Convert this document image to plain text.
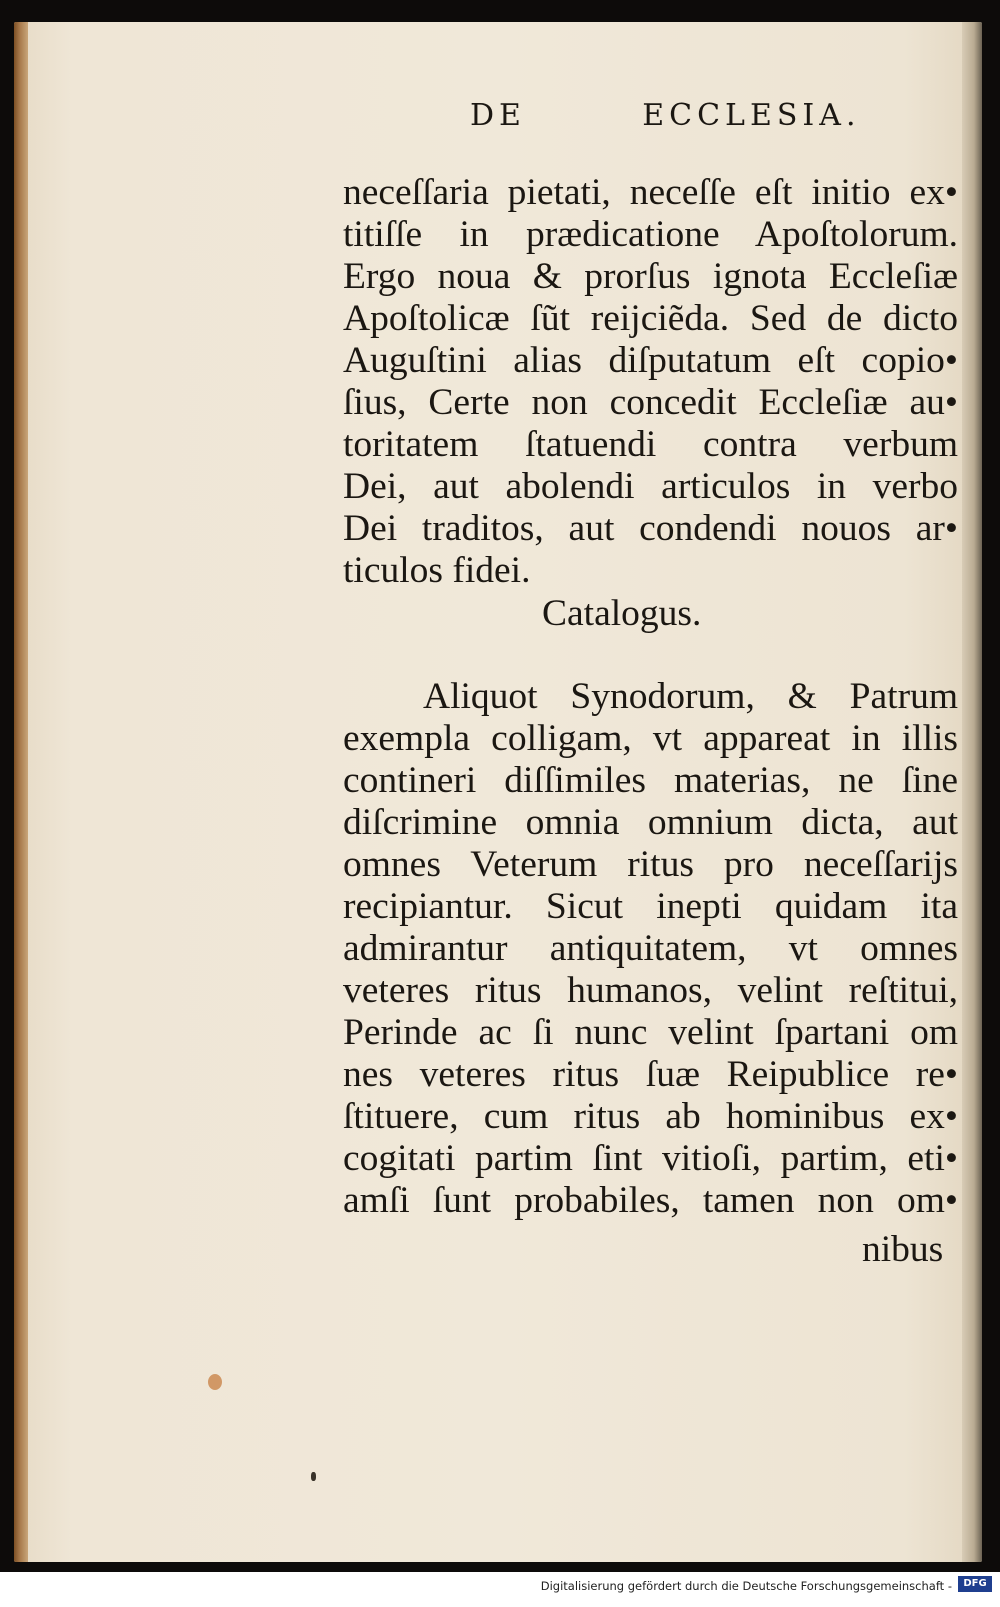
DE        ECCLESIA.
neceſſaria pietati, neceſſe eſt initio ex•
titiſſe in prædicatione Apoſtolorum.
Ergo noua & prorſus ignota Eccleſiæ
Apoſtolicæ ſũt reijciẽda. Sed de dicto
Auguſtini alias diſputatum eſt copio•
ſius, Certe non concedit Eccleſiæ au•
toritatem ſtatuendi contra verbum
Dei, aut abolendi articulos in verbo
Dei traditos, aut condendi nouos ar•
ticulos fidei.
Catalogus.
Aliquot Synodorum, & Patrum
exempla colligam, vt appareat in illis
contineri diſſimiles materias, ne ſine
diſcrimine omnia omnium dicta, aut
omnes Veterum ritus pro neceſſarijs
recipiantur. Sicut inepti quidam ita
admirantur antiquitatem, vt omnes
veteres ritus humanos, velint reſtitui,
Perinde ac ſi nunc velint ſpartani om
nes veteres ritus ſuæ Reipublice re•
ſtituere, cum ritus ab hominibus ex•
cogitati partim ſint vitioſi, partim, eti•
amſi ſunt probabiles, tamen non om•
nibus
Digitalisierung gefördert durch die Deutsche Forschungsgemeinschaft -	DFG
